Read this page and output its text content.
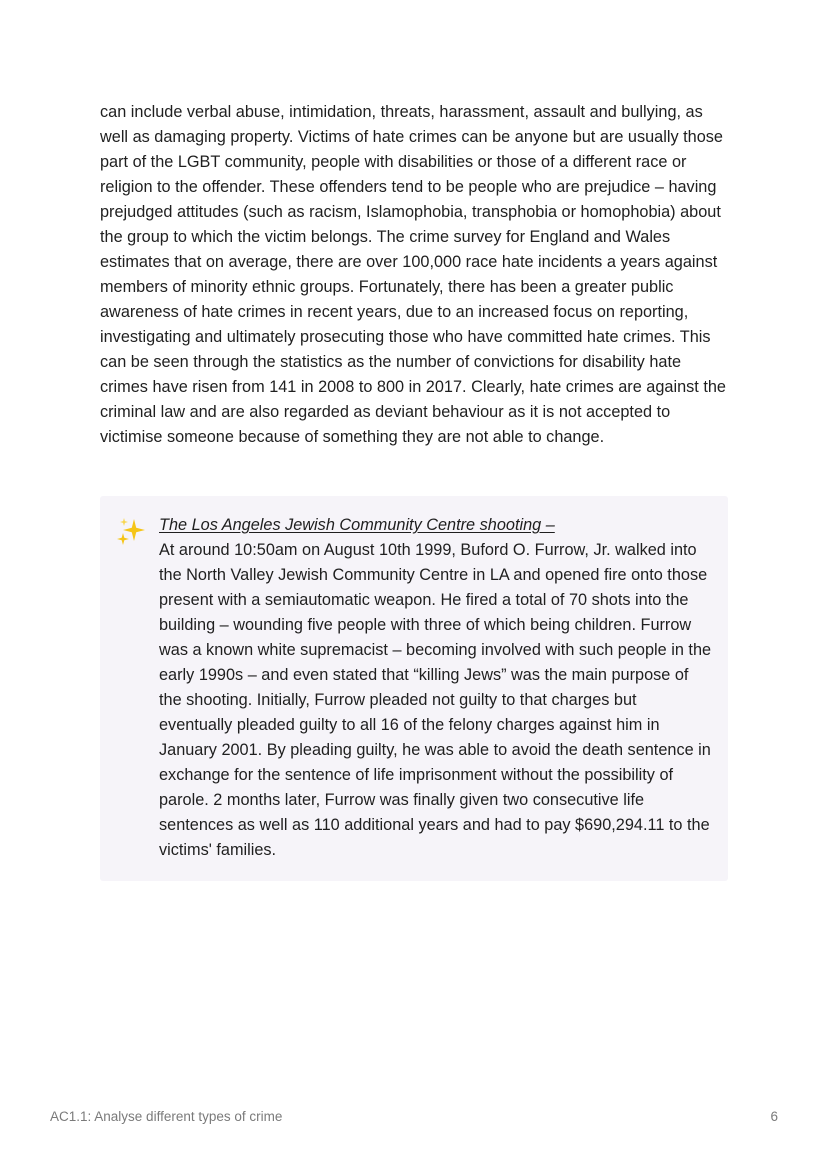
can include verbal abuse, intimidation, threats, harassment, assault and bullying, as well as damaging property. Victims of hate crimes can be anyone but are usually those part of the LGBT community, people with disabilities or those of a different race or religion to the offender. These offenders tend to be people who are prejudice – having prejudged attitudes (such as racism, Islamophobia, transphobia or homophobia) about the group to which the victim belongs. The crime survey for England and Wales estimates that on average, there are over 100,000 race hate incidents a years against members of minority ethnic groups. Fortunately, there has been a greater public awareness of hate crimes in recent years, due to an increased focus on reporting, investigating and ultimately prosecuting those who have committed hate crimes. This can be seen through the statistics as the number of convictions for disability hate crimes have risen from 141 in 2008 to 800 in 2017. Clearly, hate crimes are against the criminal law and are also regarded as deviant behaviour as it is not accepted to victimise someone because of something they are not able to change.

The Los Angeles Jewish Community Centre shooting –
At around 10:50am on August 10th 1999, Buford O. Furrow, Jr. walked into the North Valley Jewish Community Centre in LA and opened fire onto those present with a semiautomatic weapon. He fired a total of 70 shots into the building – wounding five people with three of which being children. Furrow was a known white supremacist – becoming involved with such people in the early 1990s – and even stated that “killing Jews” was the main purpose of the shooting. Initially, Furrow pleaded not guilty to that charges but eventually pleaded guilty to all 16 of the felony charges against him in January 2001. By pleading guilty, he was able to avoid the death sentence in exchange for the sentence of life imprisonment without the possibility of parole. 2 months later, Furrow was finally given two consecutive life sentences as well as 110 additional years and had to pay $690,294.11 to the victims' families.
AC1.1: Analyse different types of crime	6
